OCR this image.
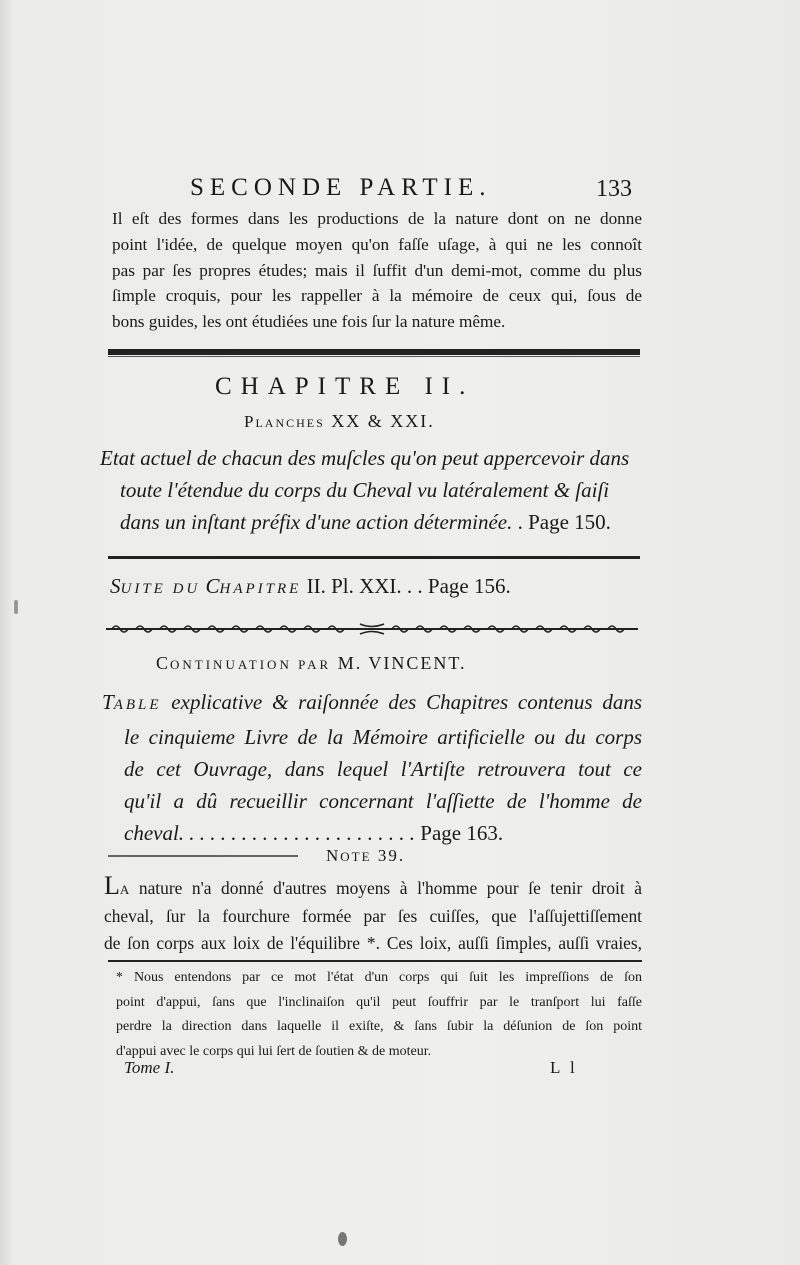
SECONDE PARTIE.	133

Il eſt des formes dans les productions de la nature dont on ne donne

point l'idée, de quelque moyen qu'on faſſe uſage, à qui ne les connoît

pas par ſes propres études; mais il ſuffit d'un demi-mot, comme du plus

ſimple croquis, pour les rappeller à la mémoire de ceux qui, ſous de

bons guides, les ont étudiées une fois ſur la nature même.

CHAPITRE II.
Planches XX & XXI.

Etat actuel de chacun des muſcles qu'on peut appercevoir dans

toute l'étendue du corps du Cheval vu latéralement & ſaiſi

dans un inſtant préfix d'une action déterminée. . Page 150.

SUITE DU CHAPITRE II. Pl. XXI. . . Page 156.
CONTINUATION PAR M. VINCENT.

TABLE explicative & raiſonnée des Chapitres contenus dans

le cinquieme Livre de la Mémoire artificielle ou du corps

de cet Ouvrage, dans lequel l'Artiſte retrouvera tout ce

qu'il a dû recueillir concernant l'aſſiette de l'homme de

cheval. . . . . . . . . . . . . . . . . . . . . . . Page 163.

NOTE 39.

LA nature n'a donné d'autres moyens à l'homme pour ſe tenir droit à

cheval, ſur la fourchure formée par ſes cuiſſes, que l'aſſujettiſſement

de ſon corps aux loix de l'équilibre *. Ces loix, auſſi ſimples, auſſi vraies,

* Nous entendons par ce mot l'état d'un corps qui ſuit les impreſſions de ſon

point d'appui, ſans que l'inclinaiſon qu'il peut ſouffrir par le tranſport lui faſſe

perdre la direction dans laquelle il exiſte, & ſans ſubir la déſunion de ſon point

d'appui avec le corps qui lui ſert de ſoutien & de moteur.

Tome I.	L l
